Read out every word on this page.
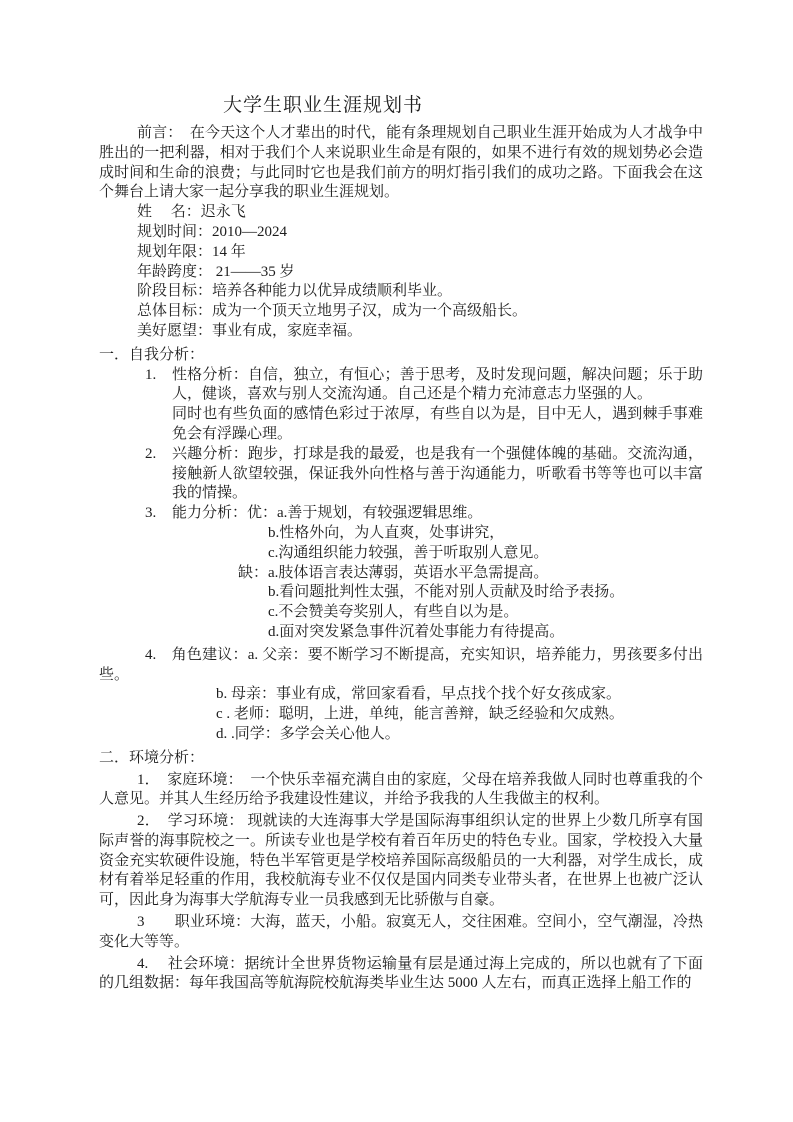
大学生职业生涯规划书
前言：　在今天这个人才辈出的时代，能有条理规划自己职业生涯开始成为人才战争中胜出的一把利器，相对于我们个人来说职业生命是有限的，如果不进行有效的规划势必会造成时间和生命的浪费；与此同时它也是我们前方的明灯指引我们的成功之路。下面我会在这个舞台上请大家一起分享我的职业生涯规划。
姓　 名：迟永飞
规划时间：2010—2024
规划年限：14 年
年龄跨度： 21——35 岁
阶段目标：培养各种能力以优异成绩顺利毕业。
总体目标：成为一个顶天立地男子汉，成为一个高级船长。
美好愿望：事业有成，家庭幸福。
一．自我分析：
1. 性格分析：自信，独立，有恒心；善于思考，及时发现问题，解决问题；乐于助人，健谈，喜欢与别人交流沟通。自己还是个精力充沛意志力坚强的人。
同时也有些负面的感情色彩过于浓厚，有些自以为是，目中无人，遇到棘手事难免会有浮躁心理。
2. 兴趣分析：跑步，打球是我的最爱，也是我有一个强健体魄的基础。交流沟通，接触新人欲望较强，保证我外向性格与善于沟通能力，听歌看书等等也可以丰富我的情操。
3. 能力分析：优：a.善于规划，有较强逻辑思维。
b.性格外向，为人直爽，处事讲究，
c.沟通组织能力较强，善于听取别人意见。
缺：a.肢体语言表达薄弱，英语水平急需提高。
b.看问题批判性太强，不能对别人贡献及时给予表扬。
c.不会赞美夸奖别人，有些自以为是。
d.面对突发紧急事件沉着处事能力有待提高。
4.　角色建议：a. 父亲：要不断学习不断提高，充实知识，培养能力，男孩要多付出些。
b. 母亲：事业有成，常回家看看，早点找个找个好女孩成家。
c . 老师：聪明，上进，单纯，能言善辩，缺乏经验和欠成熟。
d. .同学：多学会关心他人。
二．环境分析：
1．　家庭环境：　一个快乐幸福充满自由的家庭，父母在培养我做人同时也尊重我的个人意见。并其人生经历给予我建设性建议，并给予我我的人生我做主的权利。
2．　学习环境： 现就读的大连海事大学是国际海事组织认定的世界上少数几所享有国际声誉的海事院校之一。所读专业也是学校有着百年历史的特色专业。国家，学校投入大量资金充实软硬件设施，特色半军管更是学校培养国际高级船员的一大利器，对学生成长，成材有着举足轻重的作用，我校航海专业不仅仅是国内同类专业带头者，在世界上也被广泛认可，因此身为海事大学航海专业一员我感到无比骄傲与自豪。
3　　职业环境：大海，蓝天，小船。寂寞无人，交往困难。空间小，空气潮湿，冷热变化大等等。
4.　 社会环境：据统计全世界货物运输量有层是通过海上完成的，所以也就有了下面的几组数据：每年我国高等航海院校航海类毕业生达 5000 人左右，而真正选择上船工作的
